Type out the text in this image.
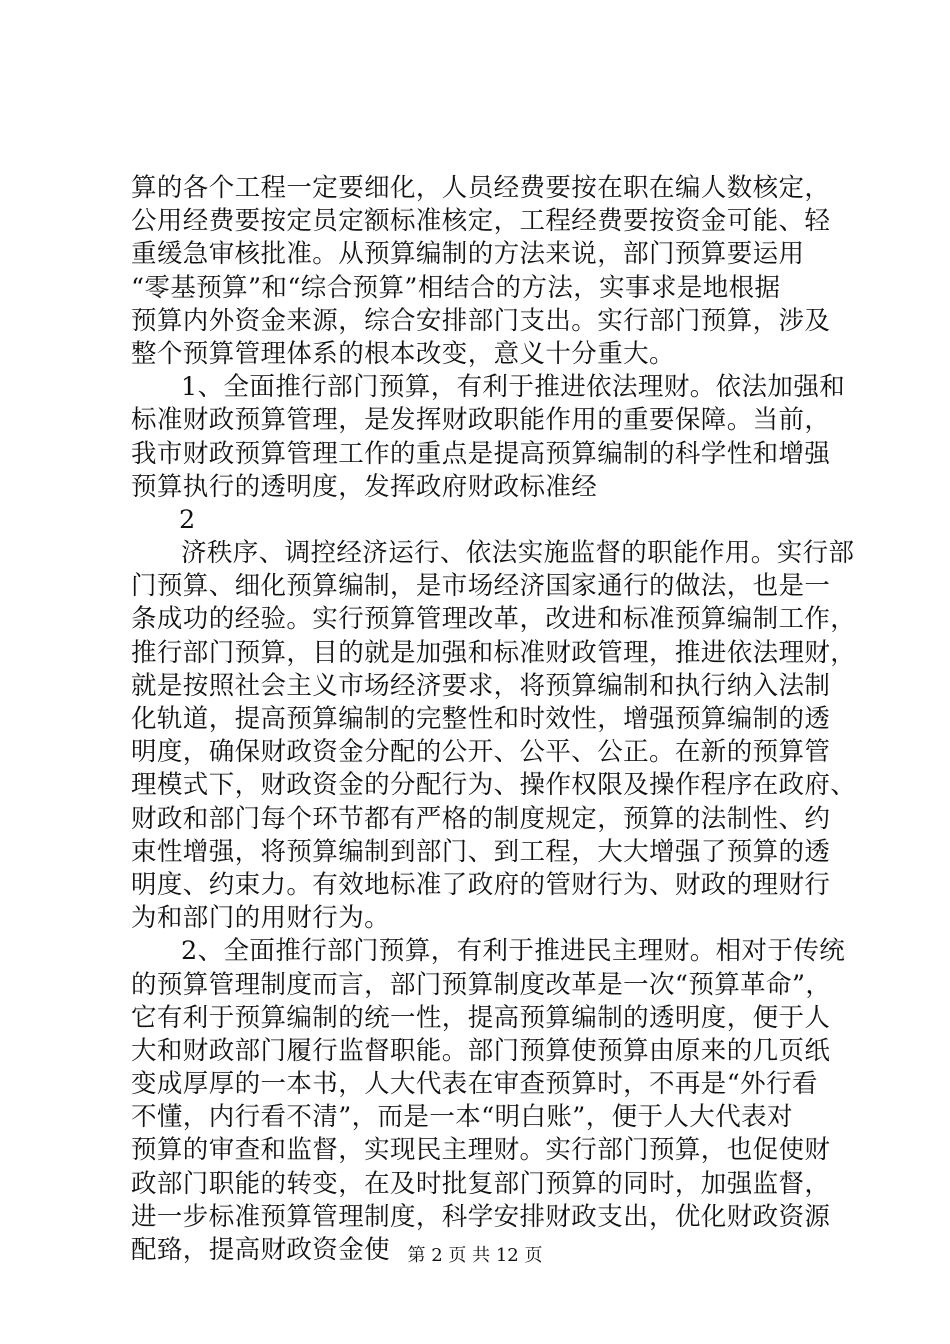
算的各个工程一定要细化，人员经费要按在职在编人数核定，
公用经费要按定员定额标准核定，工程经费要按资金可能、轻
重缓急审核批准。从预算编制的方法来说，部门预算要运用
“零基预算”和“综合预算”相结合的方法，实事求是地根据
预算内外资金来源，综合安排部门支出。实行部门预算，涉及
整个预算管理体系的根本改变，意义十分重大。
1、全面推行部门预算，有利于推进依法理财。依法加强和
标准财政预算管理，是发挥财政职能作用的重要保障。当前，
我市财政预算管理工作的重点是提高预算编制的科学性和增强
预算执行的透明度，发挥政府财政标准经
2
济秩序、调控经济运行、依法实施监督的职能作用。实行部
门预算、细化预算编制，是市场经济国家通行的做法，也是一
条成功的经验。实行预算管理改革，改进和标准预算编制工作，
推行部门预算，目的就是加强和标准财政管理，推进依法理财，
就是按照社会主义市场经济要求，将预算编制和执行纳入法制
化轨道，提高预算编制的完整性和时效性，增强预算编制的透
明度，确保财政资金分配的公开、公平、公正。在新的预算管
理模式下，财政资金的分配行为、操作权限及操作程序在政府、
财政和部门每个环节都有严格的制度规定，预算的法制性、约
束性增强，将预算编制到部门、到工程，大大增强了预算的透
明度、约束力。有效地标准了政府的管财行为、财政的理财行
为和部门的用财行为。
2、全面推行部门预算，有利于推进民主理财。相对于传统
的预算管理制度而言，部门预算制度改革是一次“预算革命”，
它有利于预算编制的统一性，提高预算编制的透明度，便于人
大和财政部门履行监督职能。部门预算使预算由原来的几页纸
变成厚厚的一本书，人大代表在审查预算时，不再是“外行看
不懂，内行看不清”，而是一本“明白账”，便于人大代表对
预算的审查和监督，实现民主理财。实行部门预算，也促使财
政部门职能的转变，在及时批复部门预算的同时，加强监督，
进一步标准预算管理制度，科学安排财政支出，优化财政资源
配臵，提高财政资金使 第 2 页 共 12 页
